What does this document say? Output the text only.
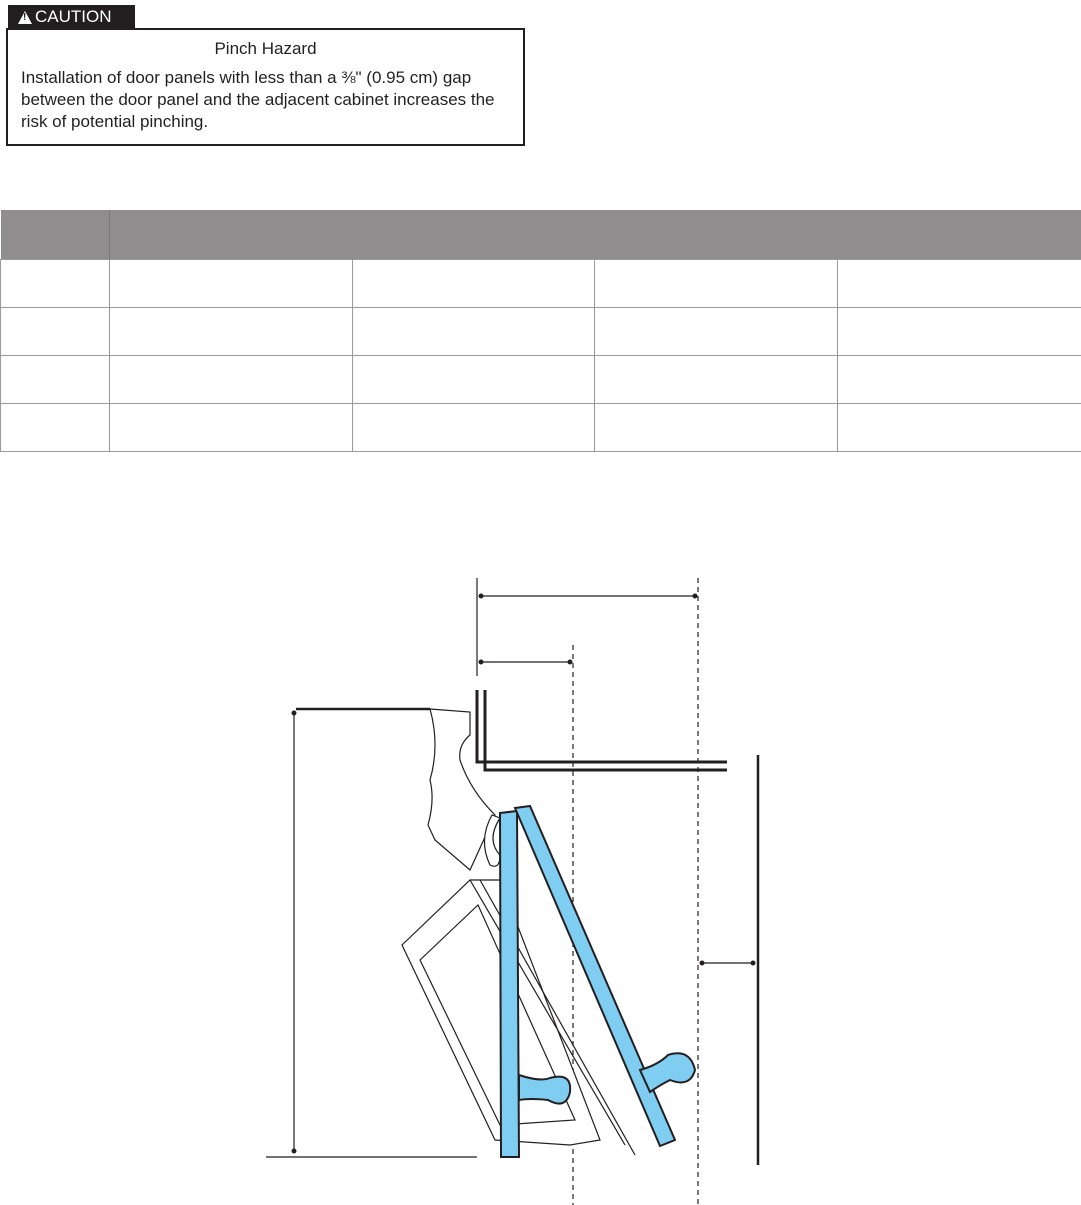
!
CAUTION
Pinch Hazard
Installation of door panels with less than a ⅜" (0.95 cm) gap between the door panel and the adjacent cabinet increases the risk of potential pinching.
